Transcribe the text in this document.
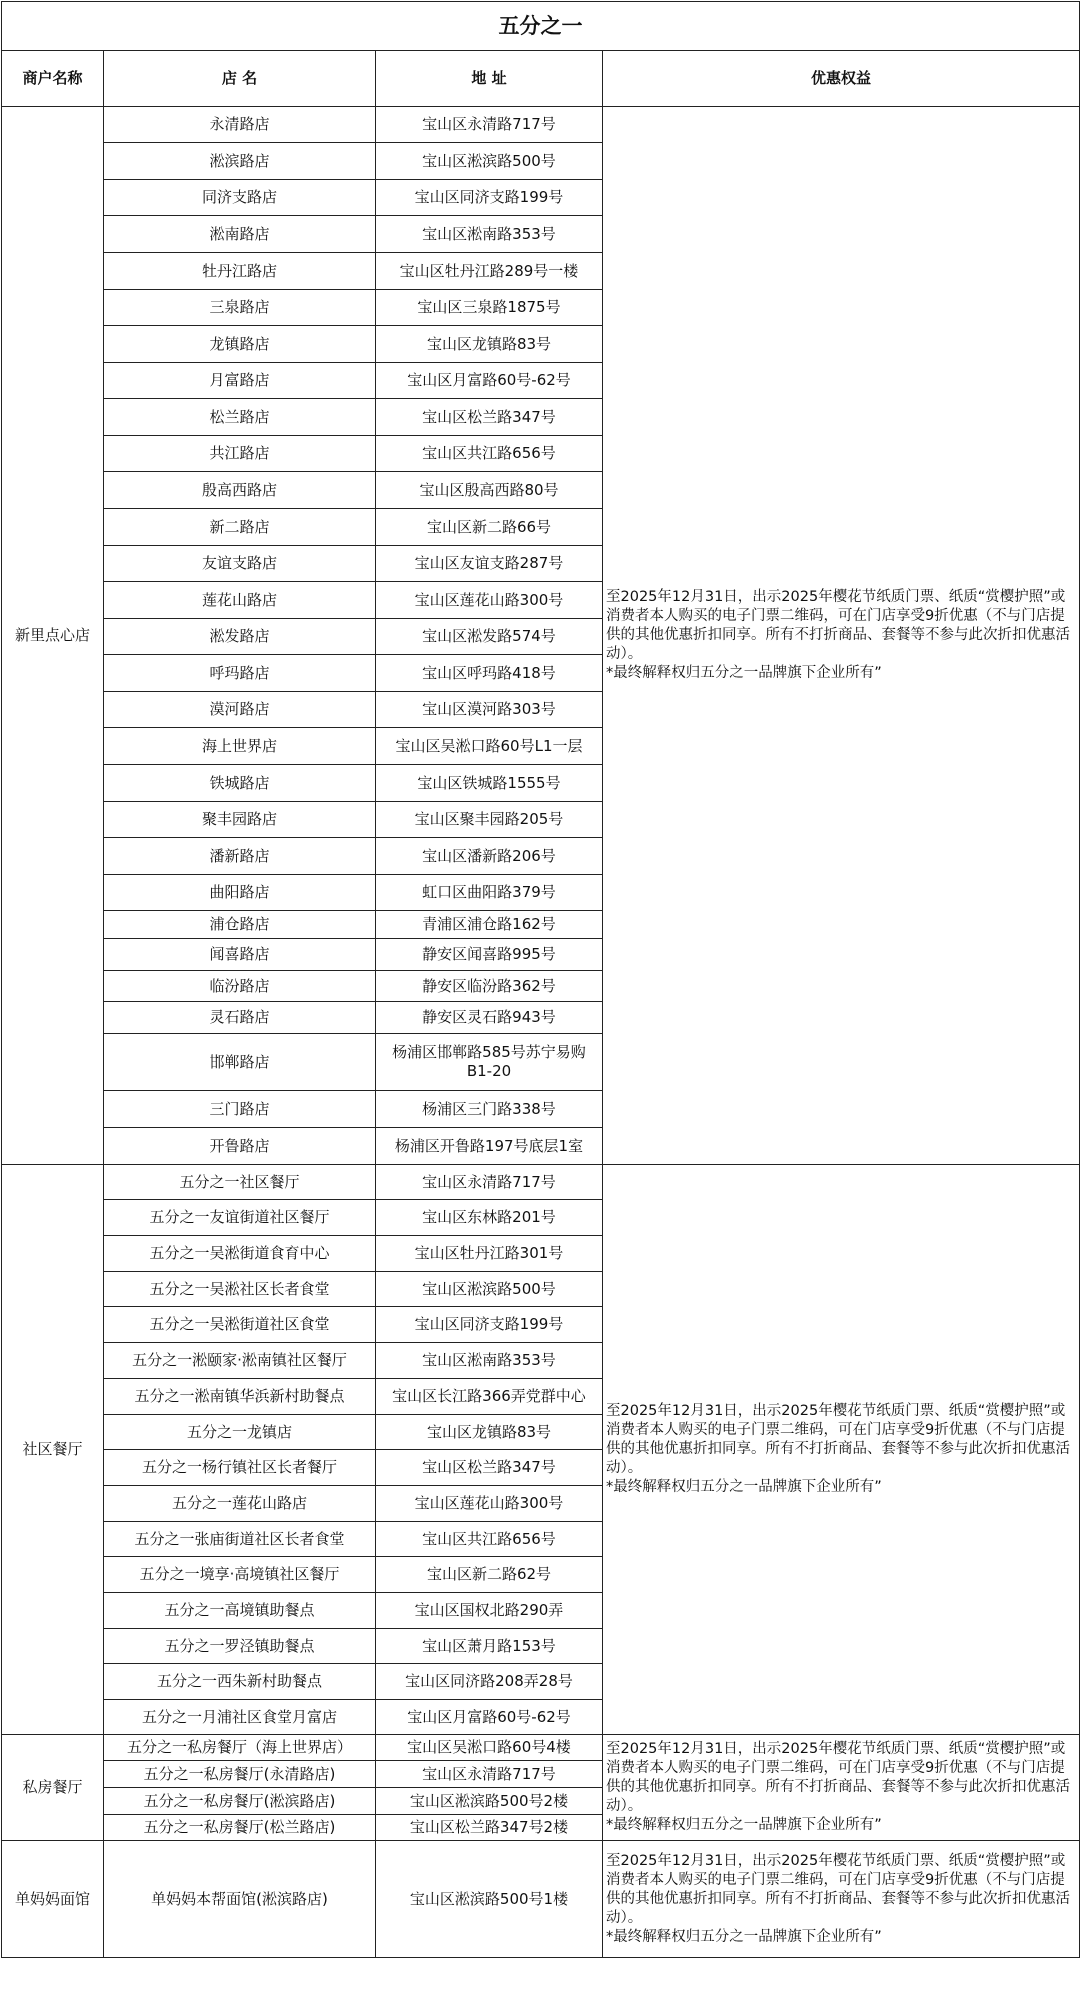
五分之一			
商户名称	店 名	地 址	优惠权益
新里点心店	永清路店	宝山区永清路717号	至2025年12月31日，出示2025年樱花节纸质门票、纸质“赏樱护照”或消费者本人购买的电子门票二维码，可在门店享受9折优惠（不与门店提供的其他优惠折扣同享。所有不打折商品、套餐等不参与此次折扣优惠活动）。

*最终解释权归五分之一品牌旗下企业所有”

	淞滨路店	宝山区淞滨路500号	
	同济支路店	宝山区同济支路199号	
	淞南路店	宝山区淞南路353号	
	牡丹江路店	宝山区牡丹江路289号一楼	
	三泉路店	宝山区三泉路1875号	
	龙镇路店	宝山区龙镇路83号	
	月富路店	宝山区月富路60号-62号	
	松兰路店	宝山区松兰路347号	
	共江路店	宝山区共江路656号	
	殷高西路店	宝山区殷高西路80号	
	新二路店	宝山区新二路66号	
	友谊支路店	宝山区友谊支路287号	
	莲花山路店	宝山区莲花山路300号	
	淞发路店	宝山区淞发路574号	
	呼玛路店	宝山区呼玛路418号	
	漠河路店	宝山区漠河路303号	
	海上世界店	宝山区吴淞口路60号L1一层	
	铁城路店	宝山区铁城路1555号	
	聚丰园路店	宝山区聚丰园路205号	
	潘新路店	宝山区潘新路206号	
	曲阳路店	虹口区曲阳路379号	
	浦仓路店	青浦区浦仓路162号	
	闻喜路店	静安区闻喜路995号	
	临汾路店	静安区临汾路362号	
	灵石路店	静安区灵石路943号	
	邯郸路店	杨浦区邯郸路585号苏宁易购B1-20	
	三门路店	杨浦区三门路338号	
	开鲁路店	杨浦区开鲁路197号底层1室	
社区餐厅	五分之一社区餐厅	宝山区永清路717号	至2025年12月31日，出示2025年樱花节纸质门票、纸质“赏樱护照”或消费者本人购买的电子门票二维码，可在门店享受9折优惠（不与门店提供的其他优惠折扣同享。所有不打折商品、套餐等不参与此次折扣优惠活动）。

*最终解释权归五分之一品牌旗下企业所有”

	五分之一友谊街道社区餐厅	宝山区东林路201号	
	五分之一吴淞街道食育中心	宝山区牡丹江路301号	
	五分之一吴淞社区长者食堂	宝山区淞滨路500号	
	五分之一吴淞街道社区食堂	宝山区同济支路199号	
	五分之一淞颐家·淞南镇社区餐厅	宝山区淞南路353号	
	五分之一淞南镇华浜新村助餐点	宝山区长江路366弄党群中心	
	五分之一龙镇店	宝山区龙镇路83号	
	五分之一杨行镇社区长者餐厅	宝山区松兰路347号	
	五分之一莲花山路店	宝山区莲花山路300号	
	五分之一张庙街道社区长者食堂	宝山区共江路656号	
	五分之一境享·高境镇社区餐厅	宝山区新二路62号	
	五分之一高境镇助餐点	宝山区国权北路290弄	
	五分之一罗泾镇助餐点	宝山区萧月路153号	
	五分之一西朱新村助餐点	宝山区同济路208弄28号	
	五分之一月浦社区食堂月富店	宝山区月富路60号-62号	
私房餐厅	五分之一私房餐厅（海上世界店）	宝山区吴淞口路60号4楼	至2025年12月31日，出示2025年樱花节纸质门票、纸质“赏樱护照”或消费者本人购买的电子门票二维码，可在门店享受9折优惠（不与门店提供的其他优惠折扣同享。所有不打折商品、套餐等不参与此次折扣优惠活动）。

*最终解释权归五分之一品牌旗下企业所有”

	五分之一私房餐厅(永清路店)	宝山区永清路717号	
	五分之一私房餐厅(淞滨路店)	宝山区淞滨路500号2楼	
	五分之一私房餐厅(松兰路店)	宝山区松兰路347号2楼	
单妈妈面馆	单妈妈本帮面馆(淞滨路店)	宝山区淞滨路500号1楼	至2025年12月31日，出示2025年樱花节纸质门票、纸质“赏樱护照”或消费者本人购买的电子门票二维码，可在门店享受9折优惠（不与门店提供的其他优惠折扣同享。所有不打折商品、套餐等不参与此次折扣优惠活动）。

*最终解释权归五分之一品牌旗下企业所有”
